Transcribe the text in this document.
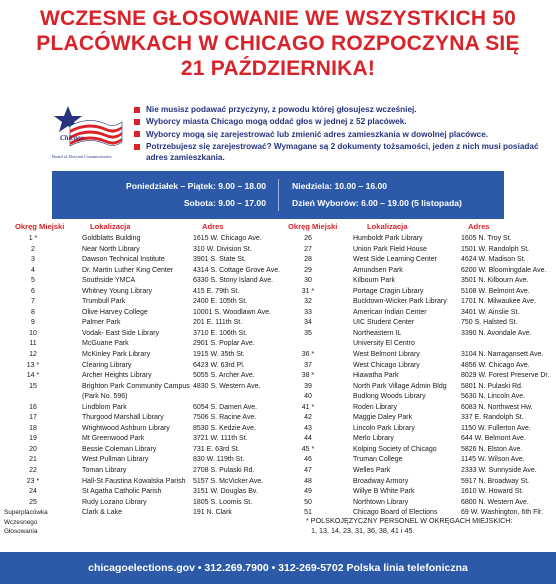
WCZESNE GŁOSOWANIE WE WSZYSTKICH 50
PLACÓWKACH W CHICAGO ROZPOCZYNA SIĘ
21 PAŹDZIERNIKA!
Chicago
Board of Election Commissioners
Nie musisz podawać przyczyny, z powodu której głosujesz wcześniej.
Wyborcy miasta Chicago mogą oddać głos w jednej z 52 placówek.
Wyborcy mogą się zarejestrować lub zmienić adres zamieszkania w dowolnej placówce.
Potrzebujesz się zarejestrować? Wymagane są 2 dokumenty tożsamości, jeden z nich musi posiadać adres zamieszkania.
Poniedziałek – Piątek: 9.00 – 18.00
Sobota: 9.00 – 17.00
Niedziela: 10.00 – 16.00
Dzień Wyborów: 6.00 – 19.00 (5 listopada)
Okręg Miejski	Lokalizacja	Adres	Okręg Miejski	Lokalizacja	Adres
1 *	Goldblatts Building	1615 W. Chicago Ave.
2	Near North Library	310 W. Division St.
3	Dawson Technical Institute	3901 S. State St.
4	Dr. Martin Luther King Center	4314 S. Cottage Grove Ave.
5	Southside YMCA	6330 S. Stony Island Ave.
6	Whitney Young Library	415 E. 79th St.
7	Trumbull Park	2400 E. 105th St.
8	Olive Harvey College	10001 S. Woodlawn Ave.
9	Palmer Park	201 E. 111th St.
10	Vodak- East Side Library	3710 E. 106th St.
11	McGuane Park	2901 S. Poplar Ave.
12	McKinley Park Library	1915 W. 35th St.
13 *	Clearing Library	6423 W. 63rd Pl.
14 *	Archer Heights Library	5055 S. Archer Ave.
15	Brighton Park Community Campus
(Park No. 596)
4830 S. Western Ave.
16	Lindblom Park	6054 S. Damen Ave.
17	Thurgood Marshall Library	7506 S. Racine Ave.
18	Wrightwood Ashburn Library	8530 S. Kedzie Ave.
19	Mt Greenwood Park	3721 W. 111th St.
20	Bessie Coleman Library	731 E. 63rd St.
21	West Pullman Library	830 W. 119th St.
22	Toman Library	2708 S. Pulaski Rd.
23 *	Hall-St Faustina Kowalska Parish 5157 S. McVicker Ave.
24	St Agatha Catholic Parish	3151 W. Douglas Bv.
25	Rudy Lozano Library	1805 S. Loomis St.
Superplacówka
Wczesnego
Głosowania
Clark & Lake	191 N. Clark
26	Humboldt Park Library	1605 N. Troy St.
27	Union Park Field House	1501 W. Randolph St.
28	West Side Learning Center	4624 W. Madison St.
29	Amundsen Park	6200 W. Bloomingdale Ave.
30	Kilbourn Park	3501 N. Kilbourn Ave.
31 *	Portage Cragin Library	5108 W. Belmont Ave.
32	Bucktown-Wicker Park Library 1701 N. Milwaukee Ave.
33	American Indian Center	3401 W. Ainslie St.
34	UIC Student Center	750 S. Halsted St.
35	Northeastern IL
University El Centro
3390 N. Avondale Ave.
36 *	West Belmont Library	3104 N. Narragansett Ave.
37	West Chicago Library	4856 W. Chicago Ave.
38 *	Hiawatha Park	8029 W. Forest Preserve Dr.
39	North Park Village Admin Bldg 5801 N. Pulaski Rd.
40	Budlong Woods Library	5630 N. Lincoln Ave.
41 *	Roden Library	6083 N. Northwest Hw.
42	Maggie Daley Park	337 E. Randolph St.
43	Lincoln Park Library	1150 W. Fullerton Ave.
44	Merlo Library	644 W. Belmont Ave.
45 *	Kolping Society of Chicago	5826 N. Elston Ave.
46	Truman College	1145 W. Wilson Ave.
47	Welles Park	2333 W. Sunnyside Ave.
48	Broadway Armory	5917 N. Broadway St.
49	Willye B White Park	1610 W. Howard St.
50	Northtown Library	6800 N. Western Ave.
51	Chicago Board of Elections	69 W. Washington, 6th Flr.
* POLSKOJĘZYCZNY PERSONEL W OKRĘGACH MIEJSKICH:
1, 13, 14, 23, 31, 36, 38, 41 i 45.
chicagoelections.gov • 312.269.7900 • 312-269-5702 Polska linia telefoniczna
